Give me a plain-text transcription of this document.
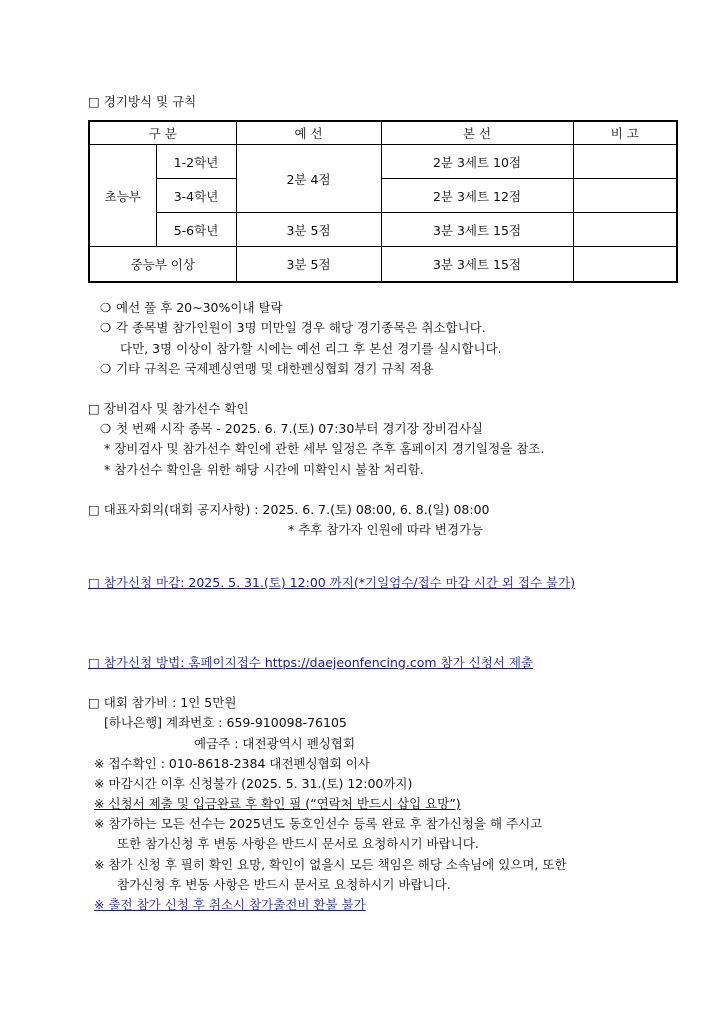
□ 경기방식 및 규칙
구 분		예 선	본 선	비 고
초능부	1-2학년	2분 4점	2분 3세트 10점	
	3-4학년		2분 3세트 12점	
	5-6학년	3분 5점	3분 3세트 15점	
중능부 이상		3분 5점	3분 3세트 15점	
❍ 예선 풀 후 20~30%이내 탈락
❍ 각 종목별 참가인원이 3명 미만일 경우 해당 경기종목은 취소합니다.
다만, 3명 이상이 참가할 시에는 예선 리그 후 본선 경기를 실시합니다.
❍ 기타 규칙은 국제펜싱연맹 및 대한펜싱협회 경기 규칙 적용
□ 장비검사 및 참가선수 확인
❍ 첫 번째 시작 종목 - 2025. 6. 7.(토) 07:30부터 경기장 장비검사실
* 장비검사 및 참가선수 확인에 관한 세부 일정은 추후 홈페이지 경기일정을 참조.
* 참가선수 확인을 위한 해당 시간에 미확인시 불참 처리함.
□ 대표자회의(대회 공지사항) : 2025. 6. 7.(토) 08:00, 6. 8.(일) 08:00
* 추후 참가자 인원에 따라 변경가능
□ 참가신청 마감: 2025. 5. 31.(토) 12:00 까지(*기일엄수/접수 마감 시간 외 접수 불가)
□ 참가신청 방법: 홈페이지접수 https://daejeonfencing.com 참가 신청서 제출
□ 대회 참가비 : 1인 5만원
[하나은행] 계좌번호 : 659-910098-76105
예금주 : 대전광역시 펜싱협회
※ 접수확인 : 010-8618-2384 대전펜싱협회 이사
※ 마감시간 이후 신청불가 (2025. 5. 31.(토) 12:00까지)
※ 신청서 제출 및 입금완료 후 확인 필 (“연락처 반드시 삽입 요망”)
※ 참가하는 모든 선수는 2025년도 동호인선수 등록 완료 후 참가신청을 해 주시고
또한 참가신청 후 변동 사항은 반드시 문서로 요청하시기 바랍니다.
※ 참가 신청 후 필히 확인 요망, 확인이 없을시 모든 책임은 해당 소속님에 있으며, 또한
참가신청 후 변동 사항은 반드시 문서로 요청하시기 바랍니다.
※ 출전 참가 신청 후 취소시 참가출전비 환불 불가
